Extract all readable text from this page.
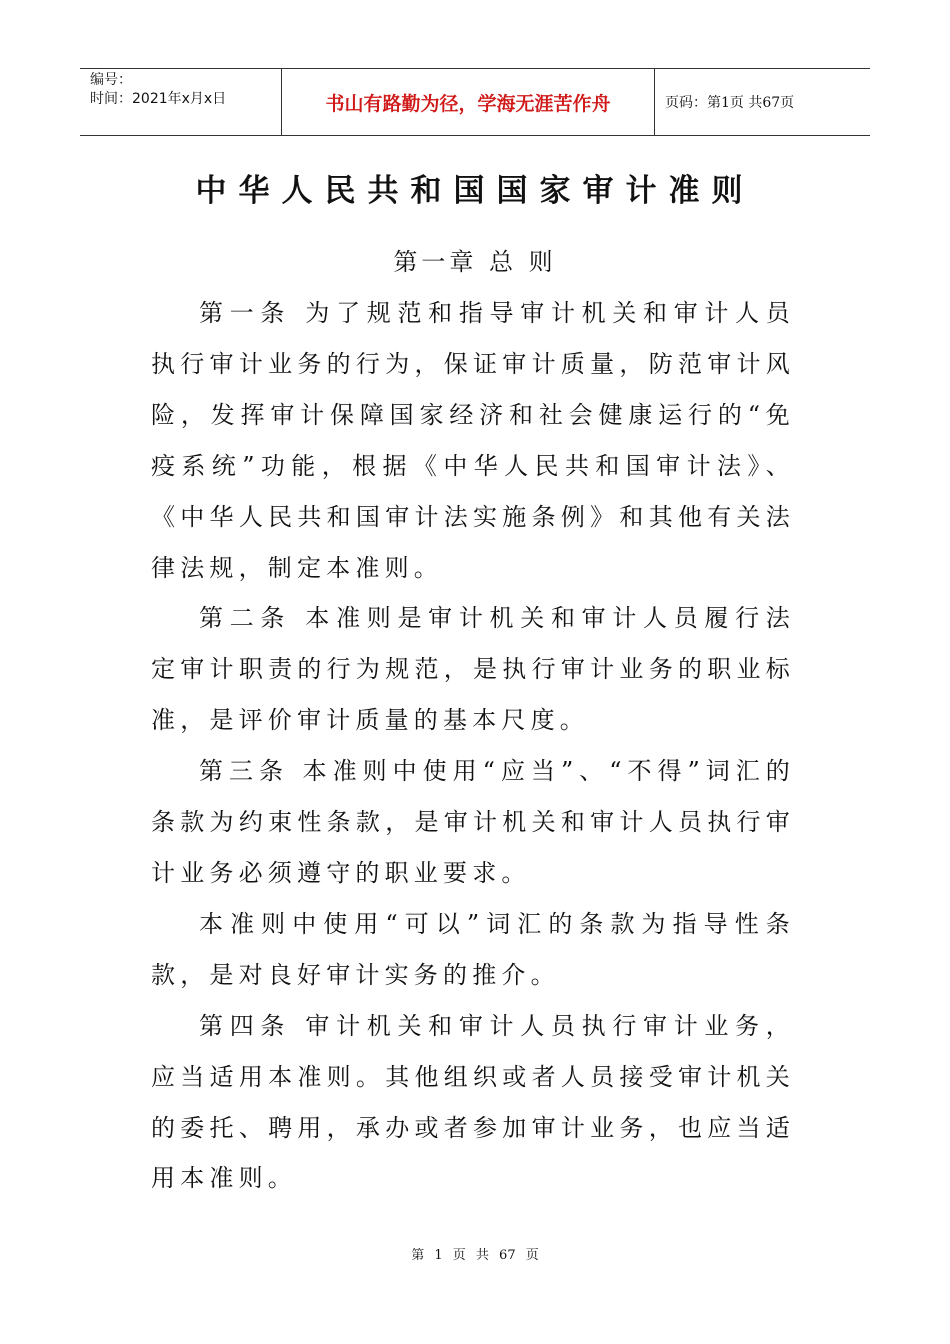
编号：
时间：2021年x月x日	书山有路勤为径，学海无涯苦作舟	页码：第1页 共67页
中华人民共和国国家审计准则
第一章 总 则

第一条 为了规范和指导审计机关和审计人员执行审计业务的行为，保证审计质量，防范审计风险，发挥审计保障国家经济和社会健康运行的“免疫系统”功能，根据《中华人民共和国审计法》、《中华人民共和国审计法实施条例》和其他有关法律法规，制定本准则。

第二条 本准则是审计机关和审计人员履行法定审计职责的行为规范，是执行审计业务的职业标准，是评价审计质量的基本尺度。

第三条 本准则中使用“应当”、“不得”词汇的条款为约束性条款，是审计机关和审计人员执行审计业务必须遵守的职业要求。

本准则中使用“可以”词汇的条款为指导性条款，是对良好审计实务的推介。

第四条 审计机关和审计人员执行审计业务，应当适用本准则。其他组织或者人员接受审计机关的委托、聘用，承办或者参加审计业务，也应当适用本准则。

第 1 页 共 67 页
